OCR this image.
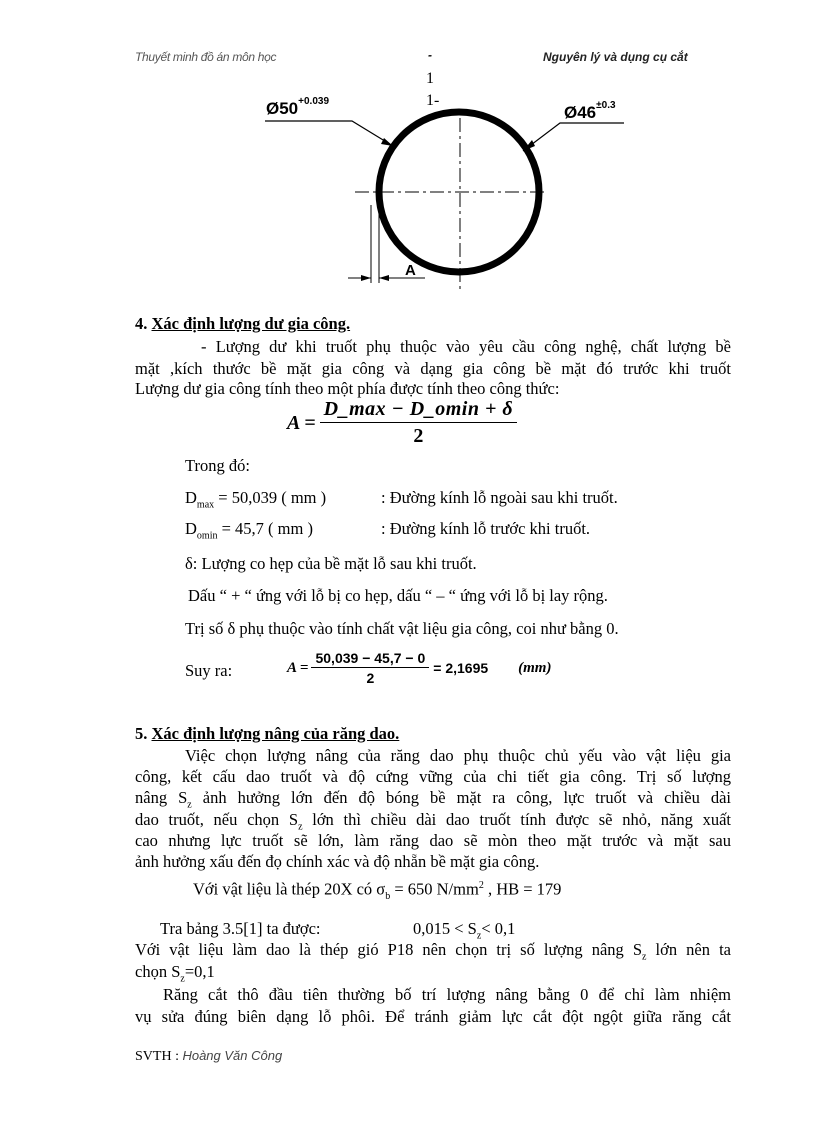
Thuyết minh đồ án môn học	-	Nguyên lý và dụng cụ cắt
1
1-
$Ø50^{+0.039}$
$Ø46^{\pm 0.3}$
A
4. Xác định lượng dư gia công.
- Lượng dư khi truốt phụ thuộc vào yêu cầu công nghệ, chất lượng bề
mặt ,kích thước bề mặt gia công và dạng gia công bề mặt đó trước khi truốt
Lượng dư gia công tính theo một phía được tính theo công thức:
$A = \frac{D\_\max - D\_omin + \delta}{2}$
Trong đó:
$D_{max} = 50,039$ ( mm )	: Đường kính lỗ ngoài sau khi truốt.
$D_{omin} = 45,7$ ( mm )	: Đường kính lỗ trước khi truốt.
δ: Lượng co hẹp của bề mặt lỗ sau khi truốt.
Dấu “ + “ ứng với lỗ bị co hẹp, dấu “ – “ ứng với lỗ bị lay rộng.
Trị số δ phụ thuộc vào tính chất vật liệu gia công, coi như bằng 0.
Suy ra:	$A = \frac{50,039 - 45,7 - 0}{2} = 2,1695$ (mm)
5. Xác định lượng nâng của răng dao.
Việc chọn lượng nâng của răng dao phụ thuộc chủ yếu vào vật liệu gia
công, kết cấu dao truốt và độ cứng vững của chi tiết gia công. Trị số lượng
nâng $S_z$ ảnh hưởng lớn đến độ bóng bề mặt ra công, lực truốt và chiều dài
dao truốt, nếu chọn $S_z$ lớn thì chiều dài dao truốt tính được sẽ nhỏ, năng xuất
cao nhưng lực truốt sẽ lớn, làm răng dao sẽ mòn theo mặt trước và mặt sau
ảnh hưởng xấu đến đọ chính xác và độ nhẵn bề mặt gia công.
Với vật liệu là thép 20X có $\sigma_b = 650$ $N/mm^2$ , HB = 179
Tra bảng 3.5[1] ta được:	$0,015 < S_z< 0,1$
Với vật liệu làm dao là thép gió P18 nên chọn trị số lượng nâng $S_z$ lớn nên ta
chọn $S_z=0,1$
Răng cắt thô đầu tiên thường bố trí lượng nâng bằng 0 để chỉ làm nhiệm
vụ sửa đúng biên dạng lỗ phôi. Để tránh giảm lực cắt đột ngột giữa răng cắt
SVTH : Hoàng Văn Công
